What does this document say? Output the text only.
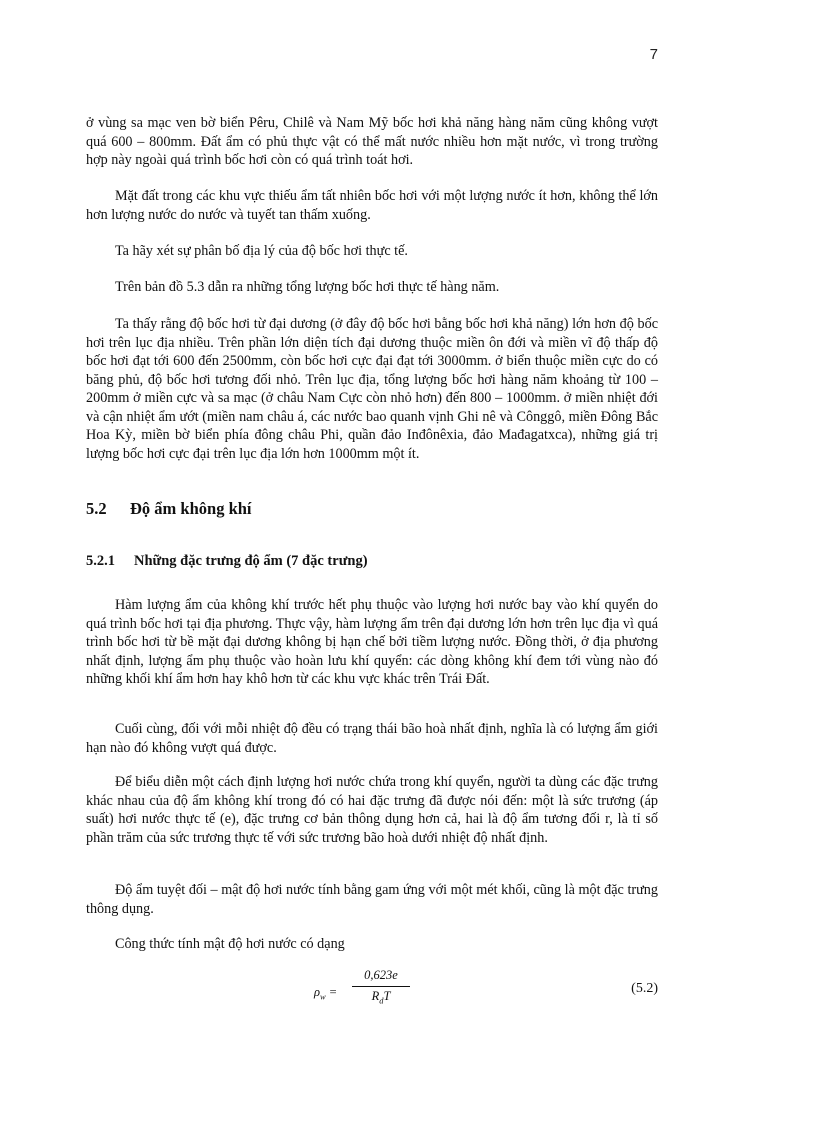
7

ở vùng sa mạc ven bờ biển Pêru, Chilê và Nam Mỹ bốc hơi khả năng hàng năm cũng không vượt quá 600 – 800mm. Đất ẩm có phủ thực vật có thể mất nước nhiều hơn mặt nước, vì trong trường hợp này ngoài quá trình bốc hơi còn có quá trình toát hơi.

Mặt đất trong các khu vực thiếu ẩm tất nhiên bốc hơi với một lượng nước ít hơn, không thể lớn hơn lượng nước do nước và tuyết tan thấm xuống.

Ta hãy xét sự phân bố địa lý của độ bốc hơi thực tế.

Trên bản đồ 5.3 dẫn ra những tổng lượng bốc hơi thực tế hàng năm.

Ta thấy rằng độ bốc hơi từ đại dương (ở đây độ bốc hơi bằng bốc hơi khả năng) lớn hơn độ bốc hơi trên lục địa nhiều. Trên phần lớn diện tích đại dương thuộc miền ôn đới và miền vĩ độ thấp độ bốc hơi đạt tới 600 đến 2500mm, còn bốc hơi cực đại đạt tới 3000mm. ở biển thuộc miền cực do có băng phủ, độ bốc hơi tương đối nhỏ. Trên lục địa, tổng lượng bốc hơi hàng năm khoảng từ 100 – 200mm ở miền cực và sa mạc (ở châu Nam Cực còn nhỏ hơn) đến 800 – 1000mm. ở miền nhiệt đới và cận nhiệt ẩm ướt (miền nam châu á, các nước bao quanh vịnh Ghi nê và Cônggô, miền Đông Bắc Hoa Kỳ, miền bờ biển phía đông châu Phi, quần đảo Inđônêxia, đảo Mađagatxca), những giá trị lượng bốc hơi cực đại trên lục địa lớn hơn 1000mm một ít.

5.2 Độ ẩm không khí
5.2.1 Những đặc trưng độ ẩm (7 đặc trưng)

Hàm lượng ẩm của không khí trước hết phụ thuộc vào lượng hơi nước bay vào khí quyển do quá trình bốc hơi tại địa phương. Thực vậy, hàm lượng ẩm trên đại dương lớn hơn trên lục địa vì quá trình bốc hơi từ bề mặt đại dương không bị hạn chế bởi tiềm lượng nước. Đồng thời, ở địa phương nhất định, lượng ẩm phụ thuộc vào hoàn lưu khí quyển: các dòng không khí đem tới vùng nào đó những khối khí ẩm hơn hay khô hơn từ các khu vực khác trên Trái Đất.

Cuối cùng, đối với mỗi nhiệt độ đều có trạng thái bão hoà nhất định, nghĩa là có lượng ẩm giới hạn nào đó không vượt quá được.

Để biểu diễn một cách định lượng hơi nước chứa trong khí quyển, người ta dùng các đặc trưng khác nhau của độ ẩm không khí trong đó có hai đặc trưng đã được nói đến: một là sức trương (áp suất) hơi nước thực tế (e), đặc trưng cơ bản thông dụng hơn cả, hai là độ ẩm tương đối r, là tỉ số phần trăm của sức trương thực tế với sức trương bão hoà dưới nhiệt độ nhất định.

Độ ẩm tuyệt đối – mật độ hơi nước tính bằng gam ứng với một mét khối, cũng là một đặc trưng thông dụng.

Công thức tính mật độ hơi nước có dạng

$\rho_w$ =
0,623e
$R_dT$	(5.2)
